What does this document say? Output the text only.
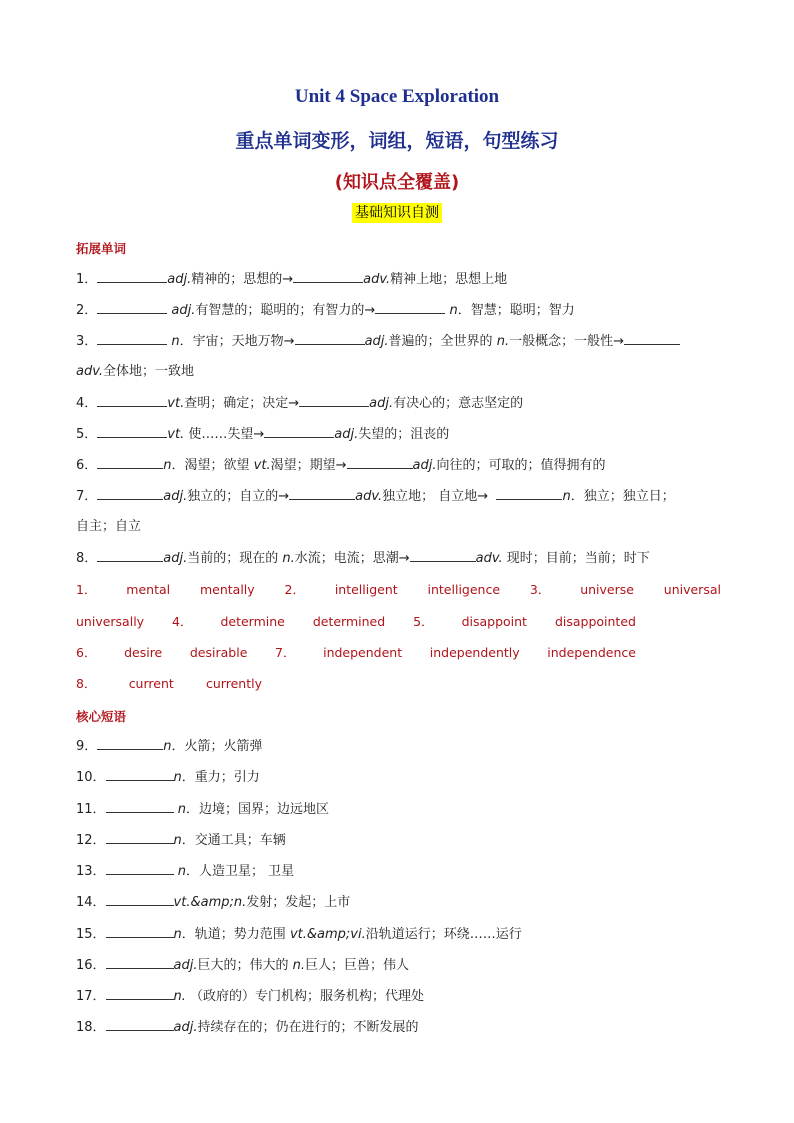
Unit 4 Space Exploration
重点单词变形，词组，短语，句型练习
(知识点全覆盖)
基础知识自测
拓展单词
1．	adj.精神的；思想的→	adv.精神上地；思想上地
2．	adj.有智慧的；聪明的；有智力的→	n．智慧；聪明；智力
3．	n．宇宙；天地万物→	adj.普遍的；全世界的 n.一般概念；一般性→
adv.全体地；一致地
4．	vt.查明；确定；决定→	adj.有决心的；意志坚定的
5．	vt. 使……失望→	adj.失望的；沮丧的
6．	n．渴望；欲望 vt.渴望；期望→	adj.向往的；可取的；值得拥有的
7．	adj.独立的；自立的→	adv.独立地； 自立地→	n．独立；独立日；
自主；自立
8．	adj.当前的；现在的 n.水流；电流；思潮→	adv. 现时；目前；当前；时下
1． mental mentally 2． intelligent intelligence 3． universe universal
universally 4． determine determined 5． disappoint disappointed
6． desire desirable 7． independent independently independence
8．	current	currently
核心短语
9．	n．火箭；火箭弹
10．	n．重力；引力
11．	n．边境；国界；边远地区
12．	n．交通工具；车辆
13．	n．人造卫星； 卫星
14．	vt.&amp;n.发射；发起；上市
15．	n．轨道；势力范围 vt.&amp;vi.沿轨道运行；环绕……运行
16．	adj.巨大的；伟大的 n.巨人；巨兽；伟人
17．	n. （政府的）专门机构；服务机构；代理处
18．	adj.持续存在的；仍在进行的；不断发展的
